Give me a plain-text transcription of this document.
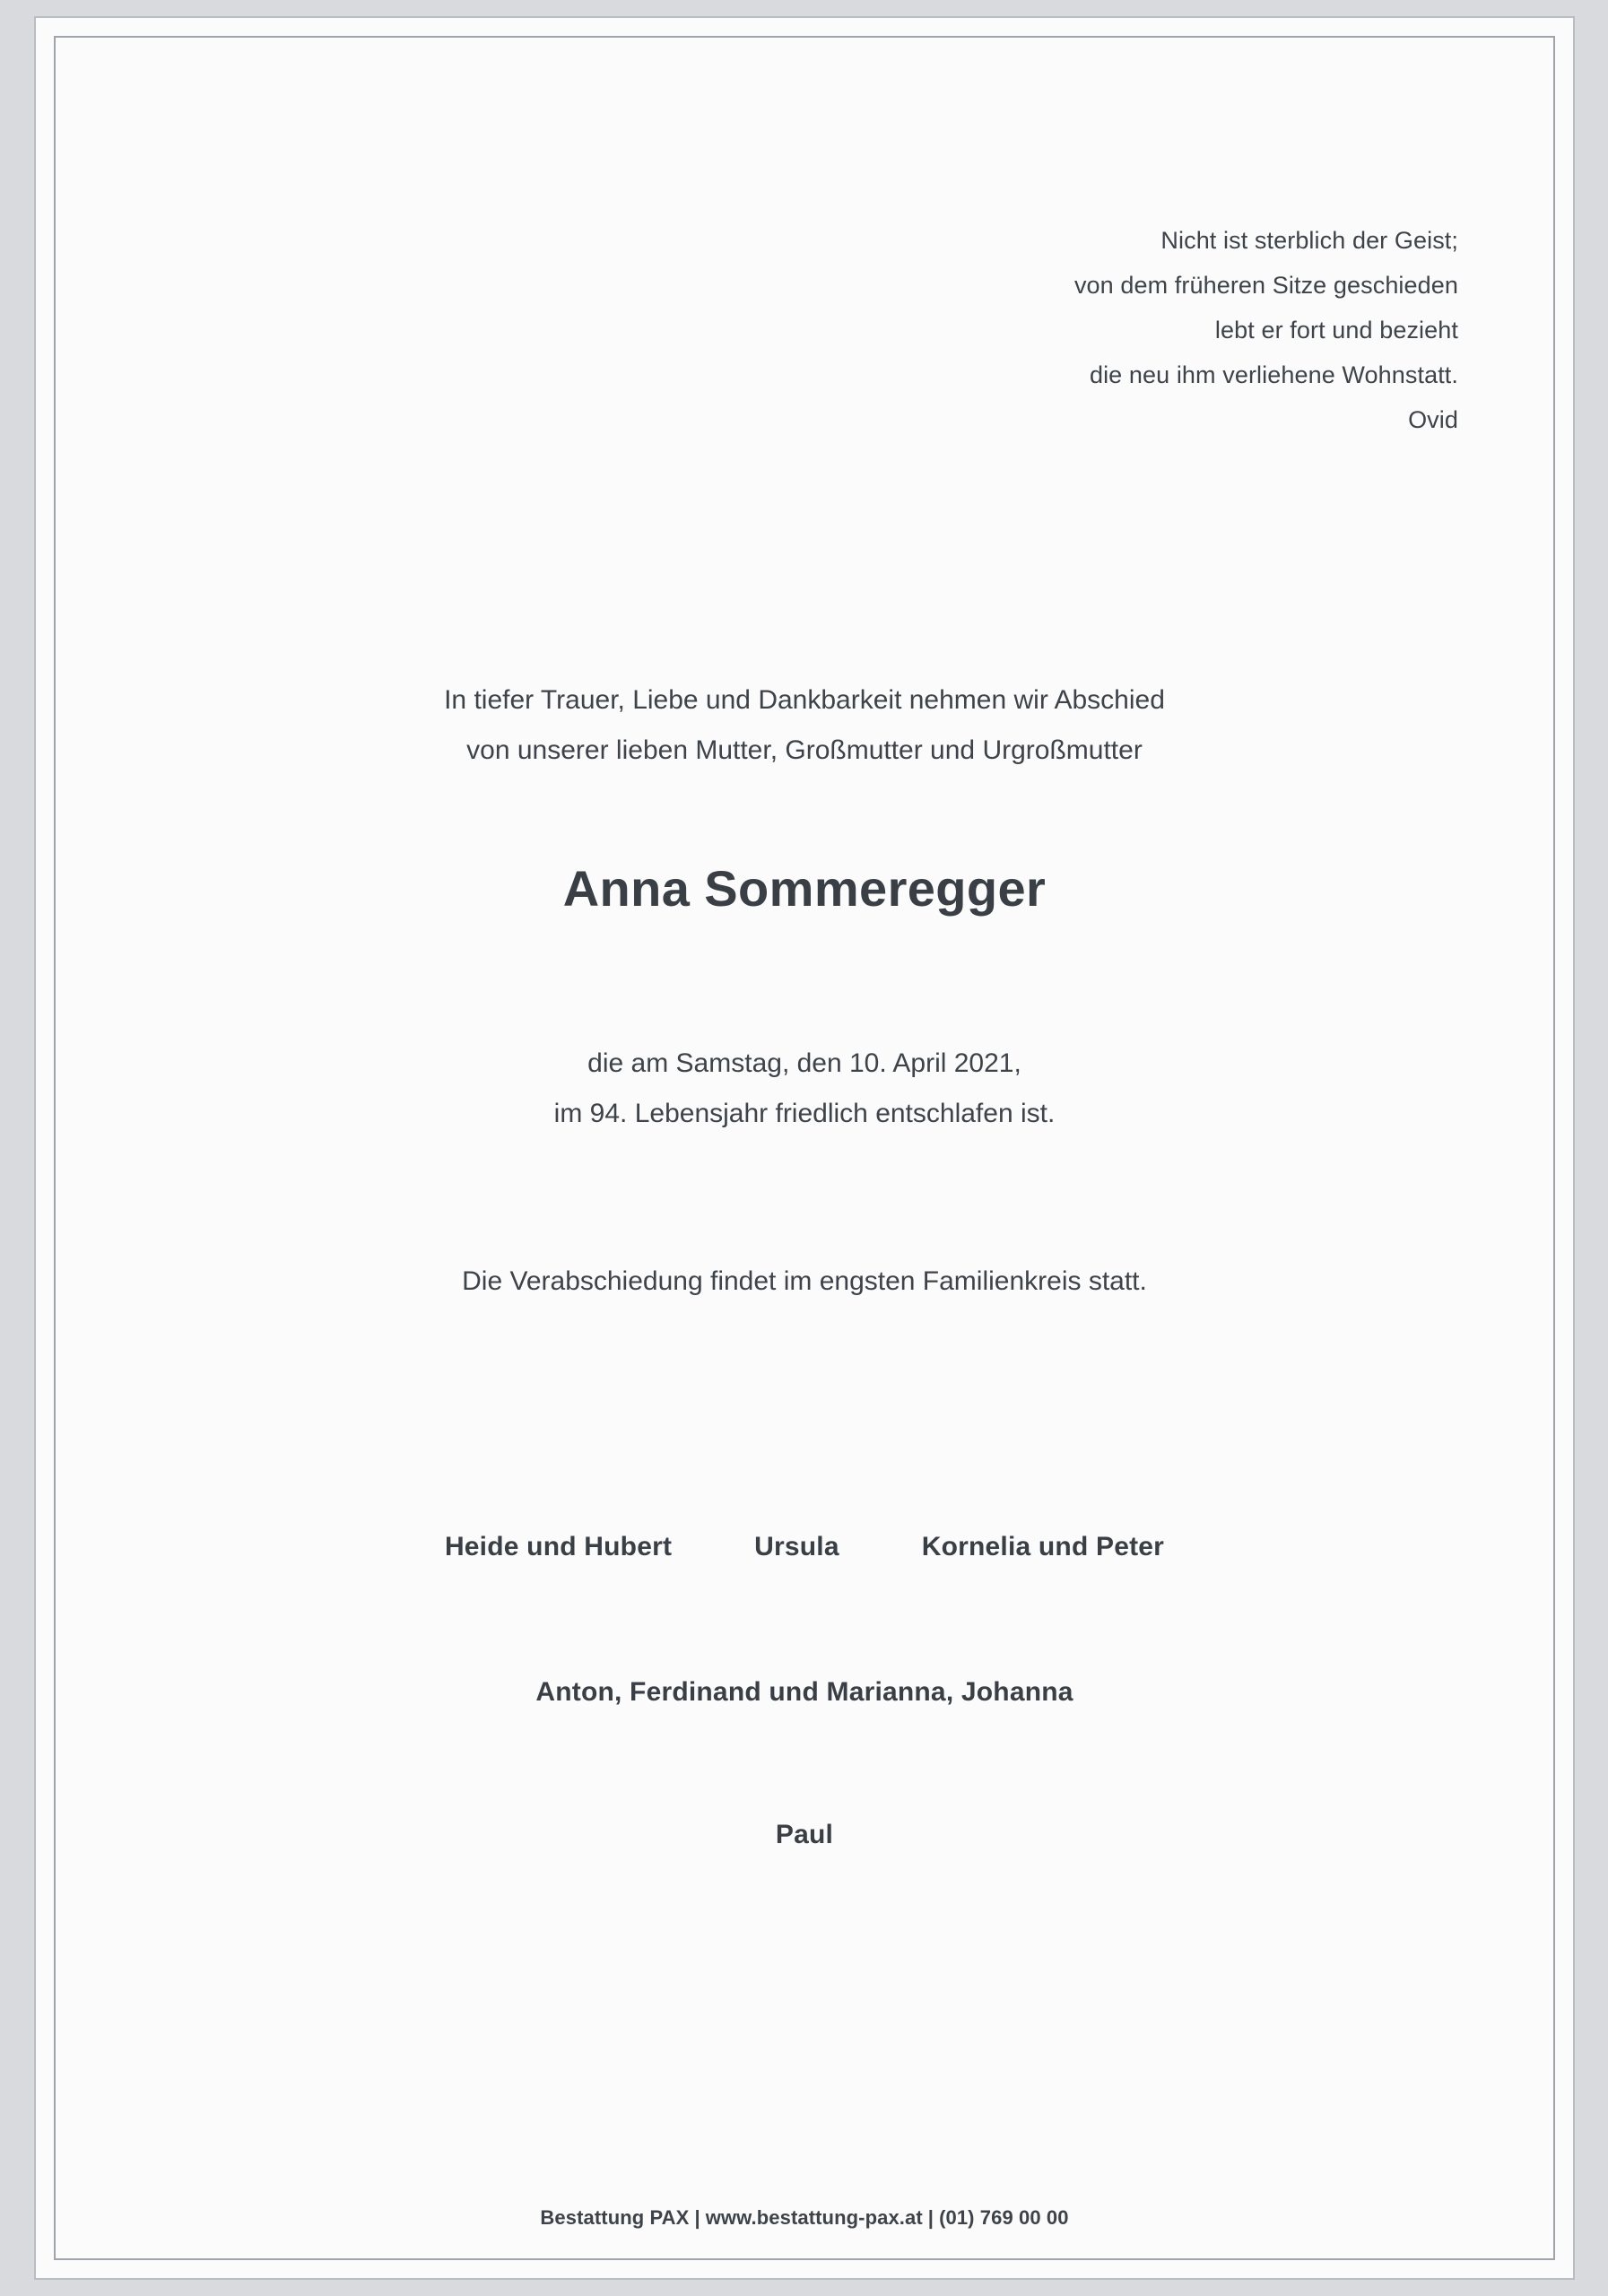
Nicht ist sterblich der Geist;
von dem früheren Sitze geschieden
lebt er fort und bezieht
die neu ihm verliehene Wohnstatt.
Ovid
In tiefer Trauer, Liebe und Dankbarkeit nehmen wir Abschied
von unserer lieben Mutter, Großmutter und Urgroßmutter
Anna Sommeregger
die am Samstag, den 10. April 2021,
im 94. Lebensjahr friedlich entschlafen ist.
Die Verabschiedung findet im engsten Familienkreis statt.
Heide und Hubert	Ursula	Kornelia und Peter
Anton, Ferdinand und Marianna, Johanna
Paul
Bestattung PAX | www.bestattung-pax.at | (01) 769 00 00
